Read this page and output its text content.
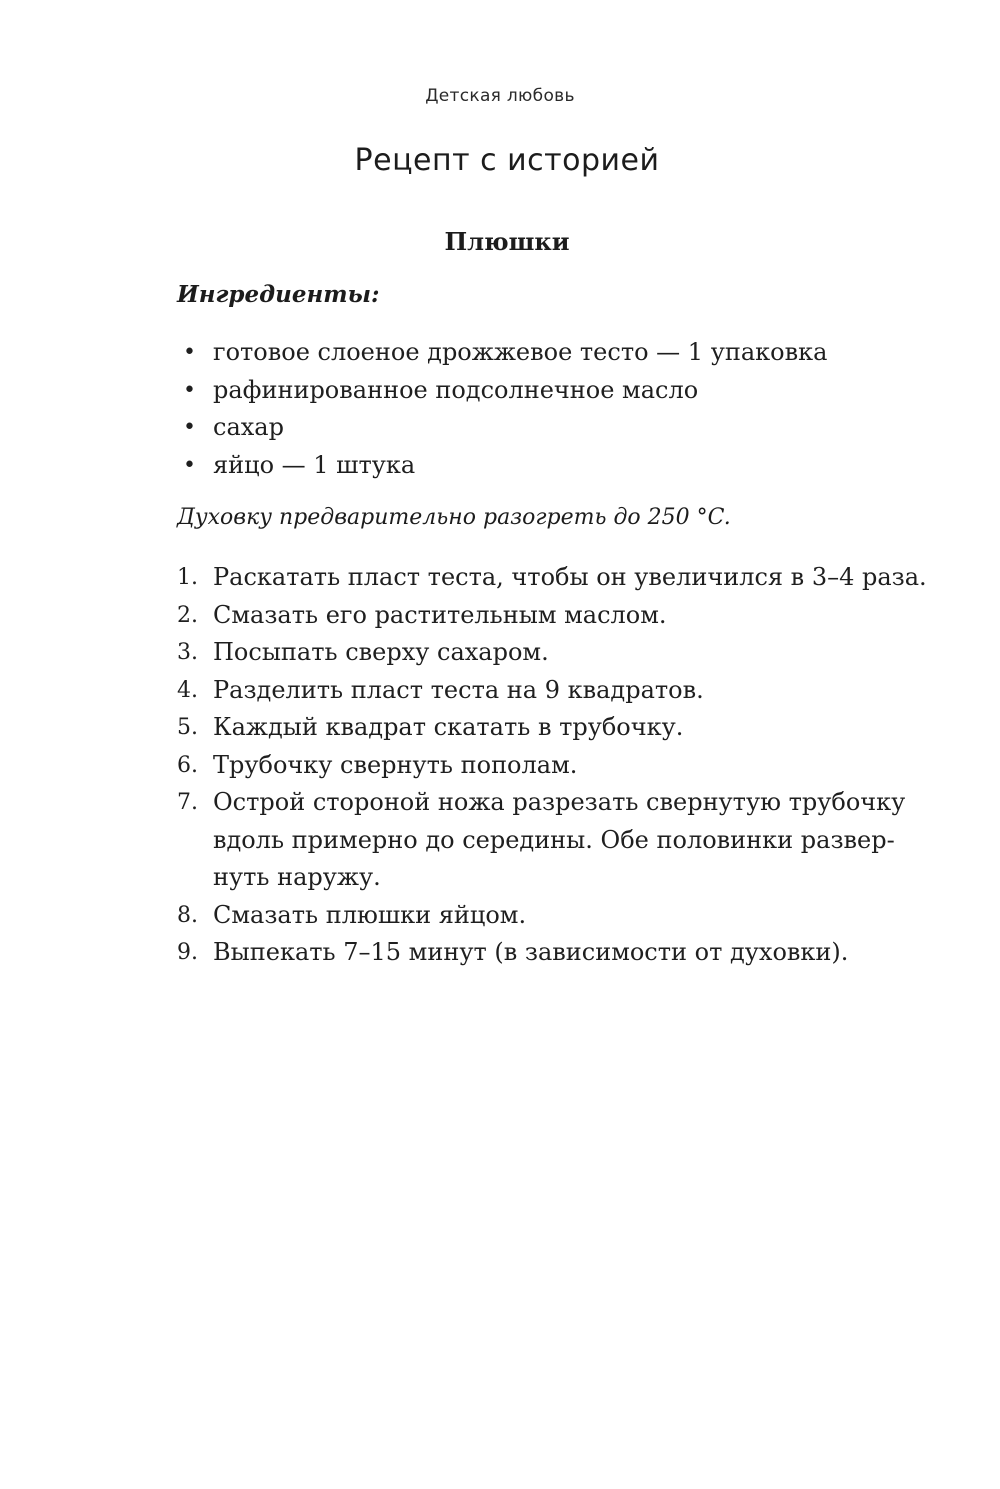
Детская любовь
Рецепт с историей
Плюшки
Ингредиенты:
• готовое слоеное дрожжевое тесто — 1 упаковка
• рафинированное подсолнечное масло
• сахар
• яйцо — 1 штука
Духовку предварительно разогреть до 250 °C.
1. Раскатать пласт теста, чтобы он увеличился в 3–4 раза.
2. Смазать его растительным маслом.
3. Посыпать сверху сахаром.
4. Разделить пласт теста на 9 квадратов.
5. Каждый квадрат скатать в трубочку.
6. Трубочку свернуть пополам.
7. Острой стороной ножа разрезать свернутую трубочку
вдоль примерно до середины. Обе половинки развер-
нуть наружу.
8. Смазать плюшки яйцом.
9. Выпекать 7–15 минут (в зависимости от духовки).
